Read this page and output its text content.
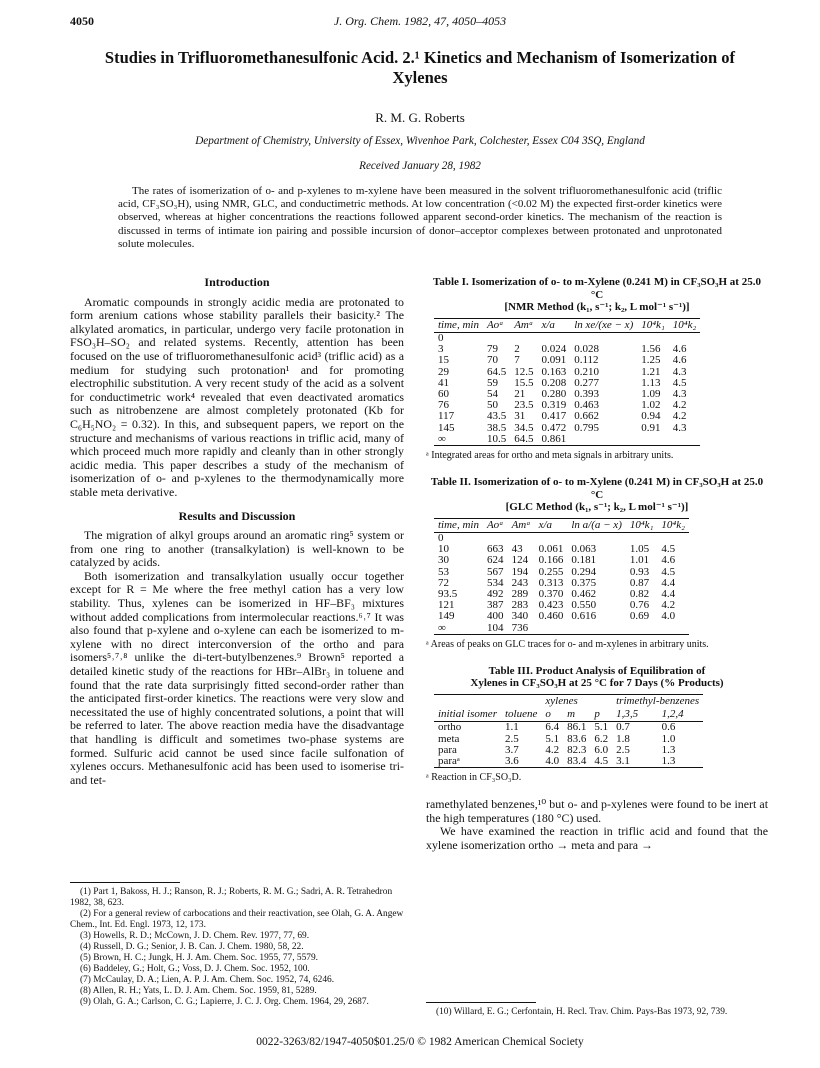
4050	J. Org. Chem. 1982, 47, 4050–4053
Studies in Trifluoromethanesulfonic Acid. 2.¹ Kinetics and Mechanism of Isomerization of Xylenes
R. M. G. Roberts
Department of Chemistry, University of Essex, Wivenhoe Park, Colchester, Essex C04 3SQ, England
Received January 28, 1982

The rates of isomerization of o- and p-xylenes to m-xylene have been measured in the solvent trifluoromethanesulfonic acid (triflic acid, CF₃SO₃H), using NMR, GLC, and conductimetric methods. At low concentration (<0.02 M) the expected first-order kinetics were observed, whereas at higher concentrations the reactions followed apparent second-order kinetics. The mechanism of the reaction is discussed in terms of intimate ion pairing and possible incursion of donor–acceptor complexes between protonated and unprotonated solute molecules.

Introduction

Aromatic compounds in strongly acidic media are protonated to form arenium cations whose stability parallels their basicity.² The alkylated aromatics, in particular, undergo very facile protonation in FSO₃H–SO₂ and related systems. Recently, attention has been focused on the use of trifluoromethanesulfonic acid³ (triflic acid) as a medium for studying such protonation¹ and for promoting electrophilic substitution. A very recent study of the acid as a solvent for conductimetric work⁴ revealed that even deactivated aromatics such as nitrobenzene are almost completely protonated (Kb for C₆H₅NO₂ = 0.32). In this, and subsequent papers, we report on the structure and mechanisms of various reactions in triflic acid, many of which proceed much more rapidly and cleanly than in other strongly acidic media. This paper describes a study of the mechanism of isomerization of o- and p-xylenes to the thermodynamically more stable meta derivative.

Results and Discussion

The migration of alkyl groups around an aromatic ring⁵ system or from one ring to another (transalkylation) is well-known to be catalyzed by acids.

Both isomerization and transalkylation usually occur together except for R = Me where the free methyl cation has a very low stability. Thus, xylenes can be isomerized in HF–BF₃ mixtures without added complications from intermolecular reactions.⁶˒⁷ It was also found that p-xylene and o-xylene can each be isomerized to m-xylene with no direct interconversion of the ortho and para isomers⁵˒⁷˒⁸ unlike the di-tert-butylbenzenes.⁹ Brown⁵ reported a detailed kinetic study of the reactions for HBr–AlBr₃ in toluene and found that the rate data surprisingly fitted second-order rather than the anticipated first-order kinetics. The reactions were very slow and necessitated the use of highly concentrated solutions, a point that will be referred to later. The above reaction media have the disadvantage that handling is difficult and sometimes two-phase systems are formed. Sulfuric acid cannot be used since facile sulfonation of xylenes occurs. Methanesulfonic acid has been used to isomerise tri- and tet-

(1) Part 1, Bakoss, H. J.; Ranson, R. J.; Roberts, R. M. G.; Sadri, A. R. Tetrahedron 1982, 38, 623.

(2) For a general review of carbocations and their reactivation, see Olah, G. A. Angew Chem., Int. Ed. Engl. 1973, 12, 173.

(3) Howells, R. D.; McCown, J. D. Chem. Rev. 1977, 77, 69.

(4) Russell, D. G.; Senior, J. B. Can. J. Chem. 1980, 58, 22.

(5) Brown, H. C.; Jungk, H. J. Am. Chem. Soc. 1955, 77, 5579.

(6) Baddeley, G.; Holt, G.; Voss, D. J. Chem. Soc. 1952, 100.

(7) McCaulay, D. A.; Lien, A. P. J. Am. Chem. Soc. 1952, 74, 6246.

(8) Allen, R. H.; Yats, L. D. J. Am. Chem. Soc. 1959, 81, 5289.

(9) Olah, G. A.; Carlson, C. G.; Lapierre, J. C. J. Org. Chem. 1964, 29, 2687.

Table I. Isomerization of o- to m-Xylene (0.241 M) in CF₃SO₃H at 25.0 °C

[NMR Method (k₁, s⁻¹; k₂, L mol⁻¹ s⁻¹)]

time, min	Aoᵃ	Amᵃ	x/a	ln xe/(xe − x)	10⁴k₁	10⁴k₂
0						
3	79	2	0.024	0.028	1.56	4.6
15	70	7	0.091	0.112	1.25	4.6
29	64.5	12.5	0.163	0.210	1.21	4.3
41	59	15.5	0.208	0.277	1.13	4.5
60	54	21	0.280	0.393	1.09	4.3
76	50	23.5	0.319	0.463	1.02	4.2
117	43.5	31	0.417	0.662	0.94	4.2
145	38.5	34.5	0.472	0.795	0.91	4.3
∞	10.5	64.5	0.861			

ᵃ Integrated areas for ortho and meta signals in arbitrary units.

Table II. Isomerization of o- to m-Xylene (0.241 M) in CF₃SO₃H at 25.0 °C

[GLC Method (k₁, s⁻¹; k₂, L mol⁻¹ s⁻¹)]

time, min	Aoᵃ	Amᵃ	x/a	ln a/(a − x)	10⁴k₁	10⁴k₂
0						
10	663	43	0.061	0.063	1.05	4.5
30	624	124	0.166	0.181	1.01	4.6
53	567	194	0.255	0.294	0.93	4.5
72	534	243	0.313	0.375	0.87	4.4
93.5	492	289	0.370	0.462	0.82	4.4
121	387	283	0.423	0.550	0.76	4.2
149	400	340	0.460	0.616	0.69	4.0
∞	104	736				

ᵃ Areas of peaks on GLC traces for o- and m-xylenes in arbitrary units.

Table III. Product Analysis of Equilibration of

Xylenes in CF₃SO₃H at 25 °C for 7 Days (% Products)

		xylenes			trimethyl-benzenes	
initial isomer	toluene	o	m	p	1,3,5	1,2,4
ortho	1.1	6.4	86.1	5.1	0.7	0.6
meta	2.5	5.1	83.6	6.2	1.8	1.0
para	3.7	4.2	82.3	6.0	2.5	1.3
paraᵃ	3.6	4.0	83.4	4.5	3.1	1.3

ᵃ Reaction in CF₃SO₃D.

ramethylated benzenes,¹⁰ but o- and p-xylenes were found to be inert at the high temperatures (180 °C) used.

We have examined the reaction in triflic acid and found that the xylene isomerization ortho → meta and para →

(10) Willard, E. G.; Cerfontain, H. Recl. Trav. Chim. Pays-Bas 1973, 92, 739.

0022-3263/82/1947-4050$01.25/0 © 1982 American Chemical Society
